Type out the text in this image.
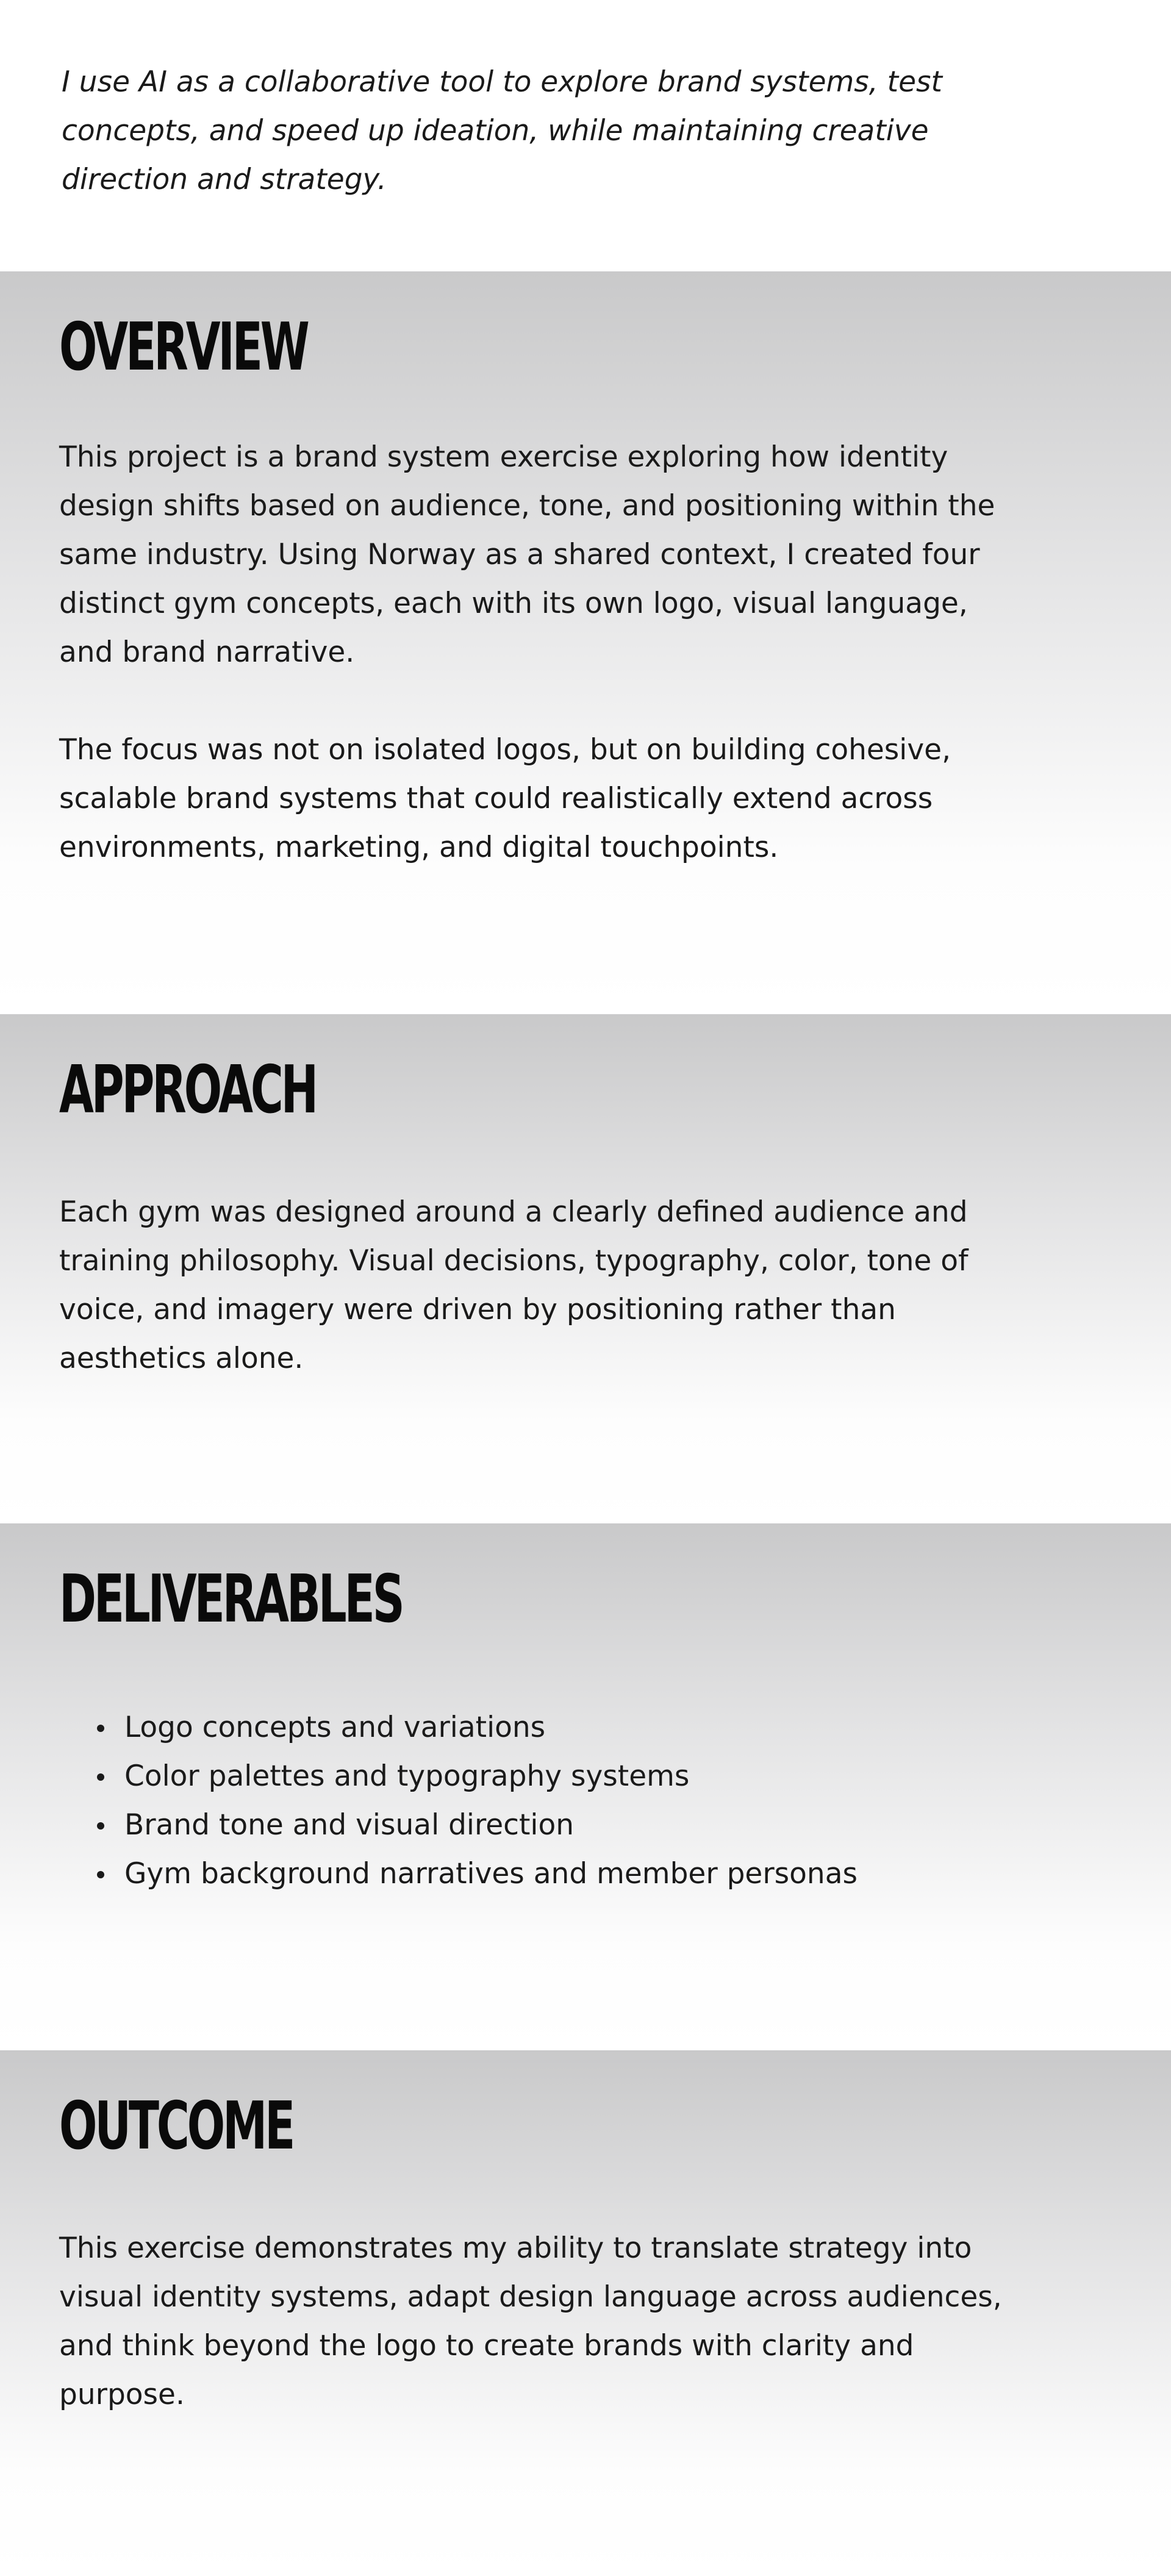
I use AI as a collaborative tool to explore brand systems, test concepts, and speed up ideation, while maintaining creative direction and strategy.

OVERVIEW

This project is a brand system exercise exploring how identity design shifts based on audience, tone, and positioning within the same industry. Using Norway as a shared context, I created four distinct gym concepts, each with its own logo, visual language, and brand narrative.

The focus was not on isolated logos, but on building cohesive, scalable brand systems that could realistically extend across environments, marketing, and digital touchpoints.

APPROACH

Each gym was designed around a clearly defined audience and training philosophy. Visual decisions, typography, color, tone of voice, and imagery were driven by positioning rather than aesthetics alone.

DELIVERABLES
Logo concepts and variations
Color palettes and typography systems
Brand tone and visual direction
Gym background narratives and member personas
OUTCOME

This exercise demonstrates my ability to translate strategy into visual identity systems, adapt design language across audiences, and think beyond the logo to create brands with clarity and purpose.
